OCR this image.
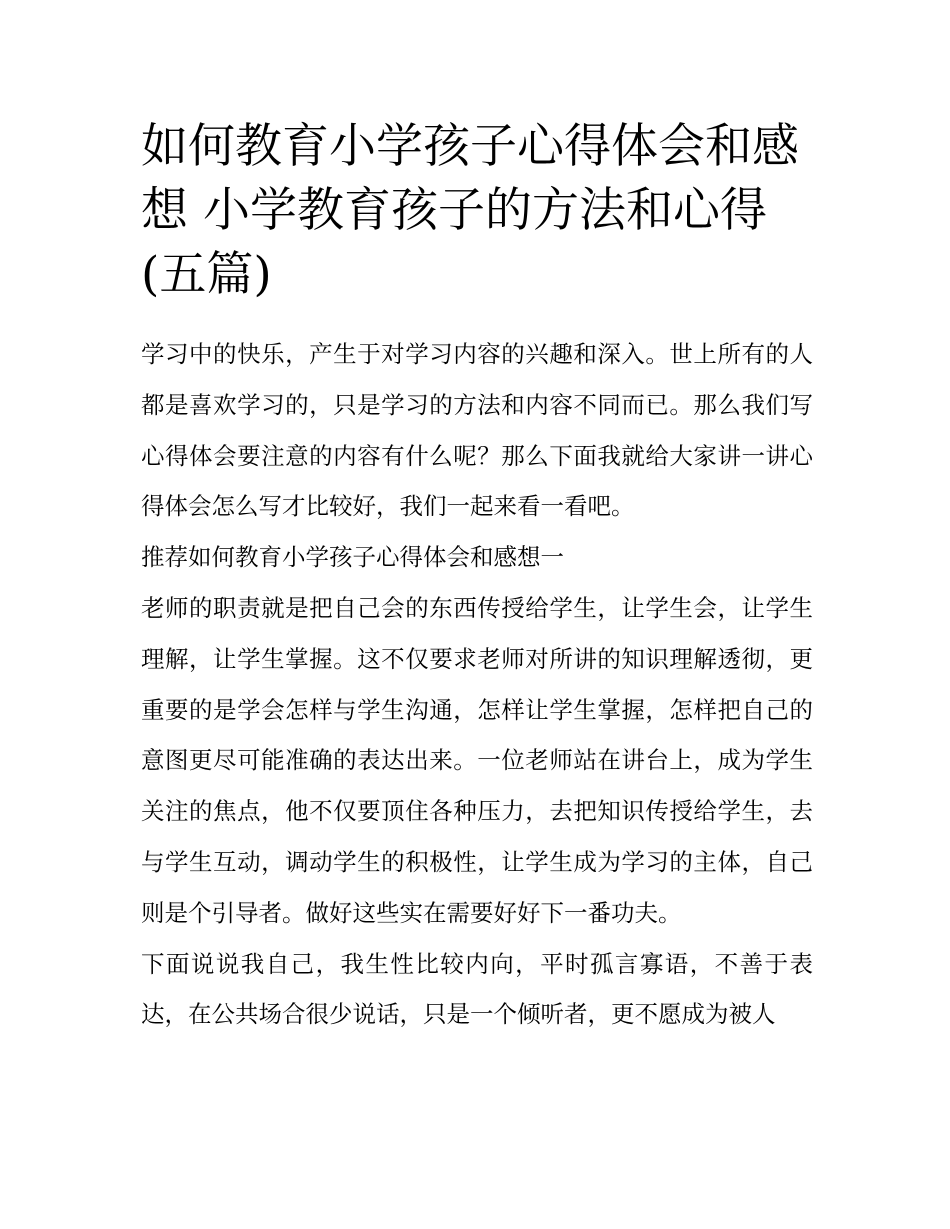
如何教育小学孩子心得体会和感想 小学教育孩子的方法和心得(五篇)

学习中的快乐，产生于对学习内容的兴趣和深入。世上所有的人都是喜欢学习的，只是学习的方法和内容不同而已。那么我们写心得体会要注意的内容有什么呢？那么下面我就给大家讲一讲心得体会怎么写才比较好，我们一起来看一看吧。

推荐如何教育小学孩子心得体会和感想一

老师的职责就是把自己会的东西传授给学生，让学生会，让学生理解，让学生掌握。这不仅要求老师对所讲的知识理解透彻，更重要的是学会怎样与学生沟通，怎样让学生掌握，怎样把自己的意图更尽可能准确的表达出来。一位老师站在讲台上，成为学生关注的焦点，他不仅要顶住各种压力，去把知识传授给学生，去与学生互动，调动学生的积极性，让学生成为学习的主体，自己则是个引导者。做好这些实在需要好好下一番功夫。

下面说说我自己，我生性比较内向，平时孤言寡语，不善于表达，在公共场合很少说话，只是一个倾听者，更不愿成为被人
